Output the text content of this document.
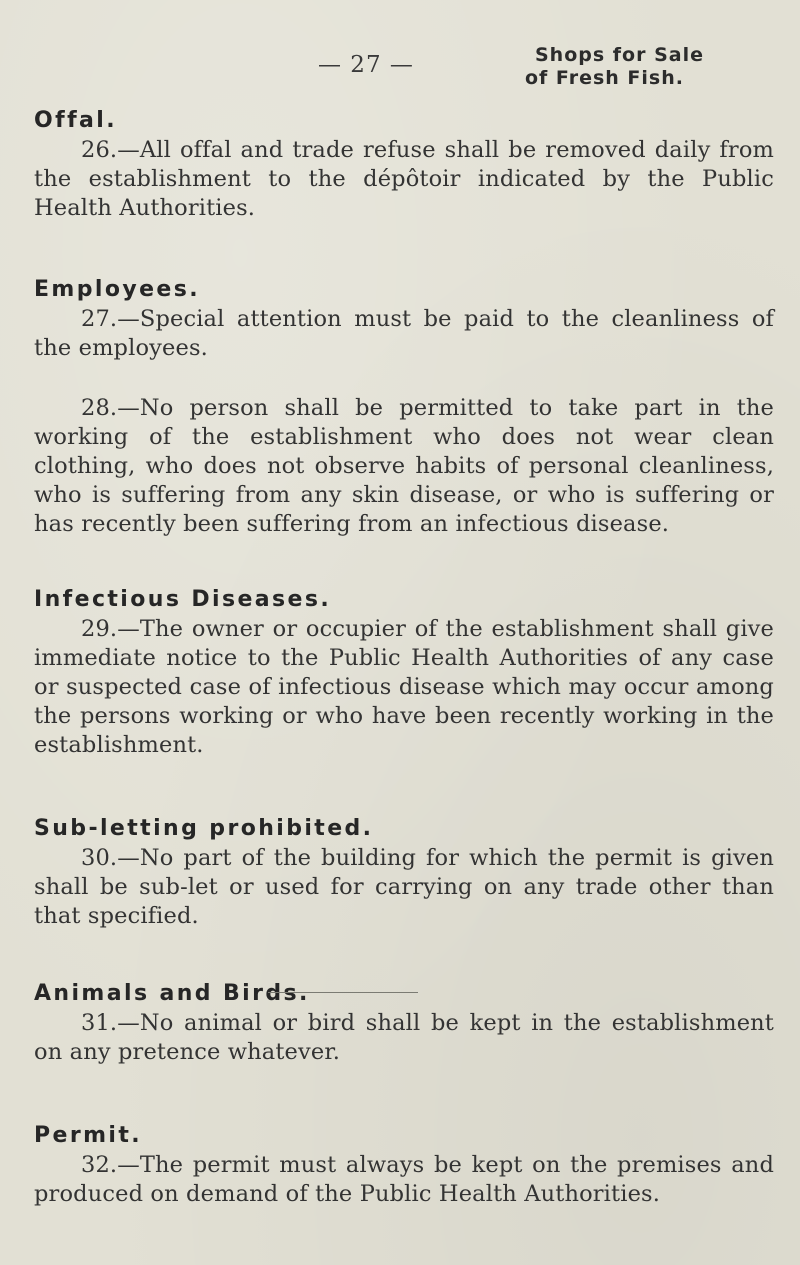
— 27 —	Shops for Sale
of Fresh Fish.
Offal.

26.—All offal and trade refuse shall be removed daily from the establishment to the dépôtoir indicated by the Public Health Authorities.

Employees.

27.—Special attention must be paid to the cleanliness of the employees.

28.—No person shall be permitted to take part in the working of the establishment who does not wear clean clothing, who does not observe habits of personal cleanliness, who is suffering from any skin disease, or who is suffering or has recently been suffering from an infectious disease.

Infectious Diseases.

29.—The owner or occupier of the establishment shall give immediate notice to the Public Health Authorities of any case or suspected case of infectious disease which may occur among the persons working or who have been recently working in the establishment.

Sub-letting prohibited.

30.—No part of the building for which the permit is given shall be sub-let or used for carrying on any trade other than that specified.

Animals and Birds.

31.—No animal or bird shall be kept in the establishment on any pretence whatever.

Permit.

32.—The permit must always be kept on the premises and produced on demand of the Public Health Authorities.
